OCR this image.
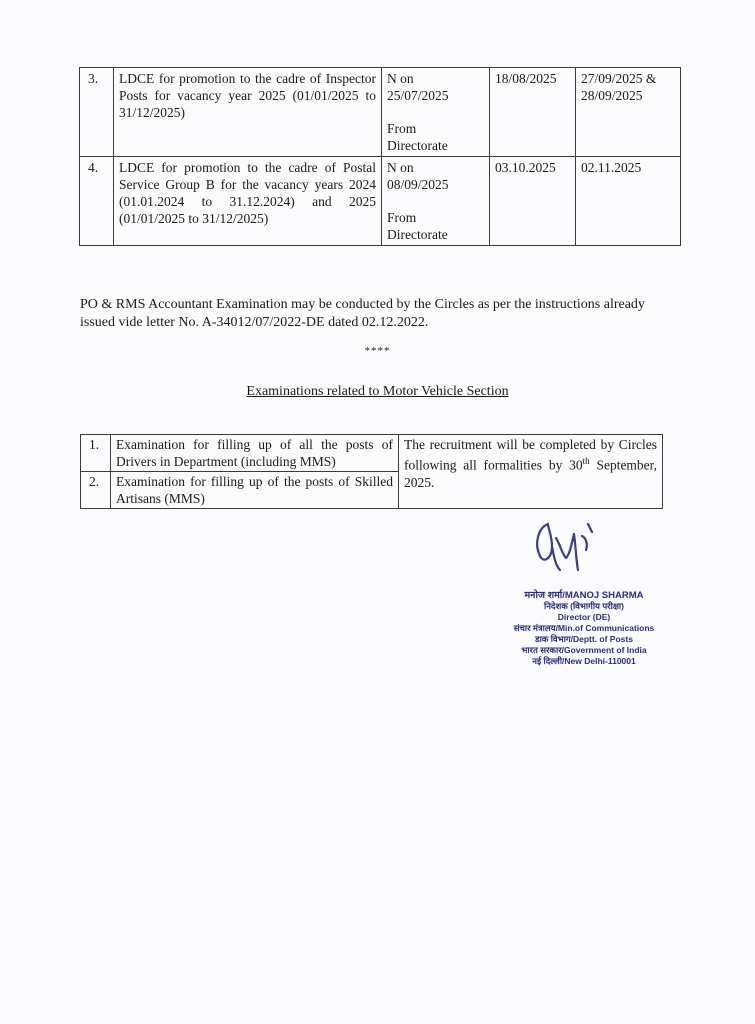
3.	LDCE for promotion to the cadre of Inspector Posts for vacancy year 2025 (01/01/2025 to 31/12/2025)	N on
25/07/2025
From
Directorate	18/08/2025	27/09/2025 & 28/09/2025
4.	LDCE for promotion to the cadre of Postal Service Group B for the vacancy years 2024 (01.01.2024 to 31.12.2024) and 2025 (01/01/2025 to 31/12/2025)	N on
08/09/2025
From
Directorate	03.10.2025	02.11.2025

PO & RMS Accountant Examination may be conducted by the Circles as per the instructions already issued vide letter No. A-34012/07/2022-DE dated 02.12.2022.

****
Examinations related to Motor Vehicle Section
1.	Examination for filling up of all the posts of Drivers in Department (including MMS)	The recruitment will be completed by Circles following all formalities by 30th September, 2025.
2.	Examination for filling up of the posts of Skilled Artisans (MMS)	
मनोज शर्मा/MANOJ SHARMA
निदेशक (विभागीय परीक्षा)
Director (DE)
संचार मंत्रालय/Min.of Communications
डाक विभाग/Deptt. of Posts
भारत सरकार/Government of India
नई दिल्ली/New Delhi-110001
